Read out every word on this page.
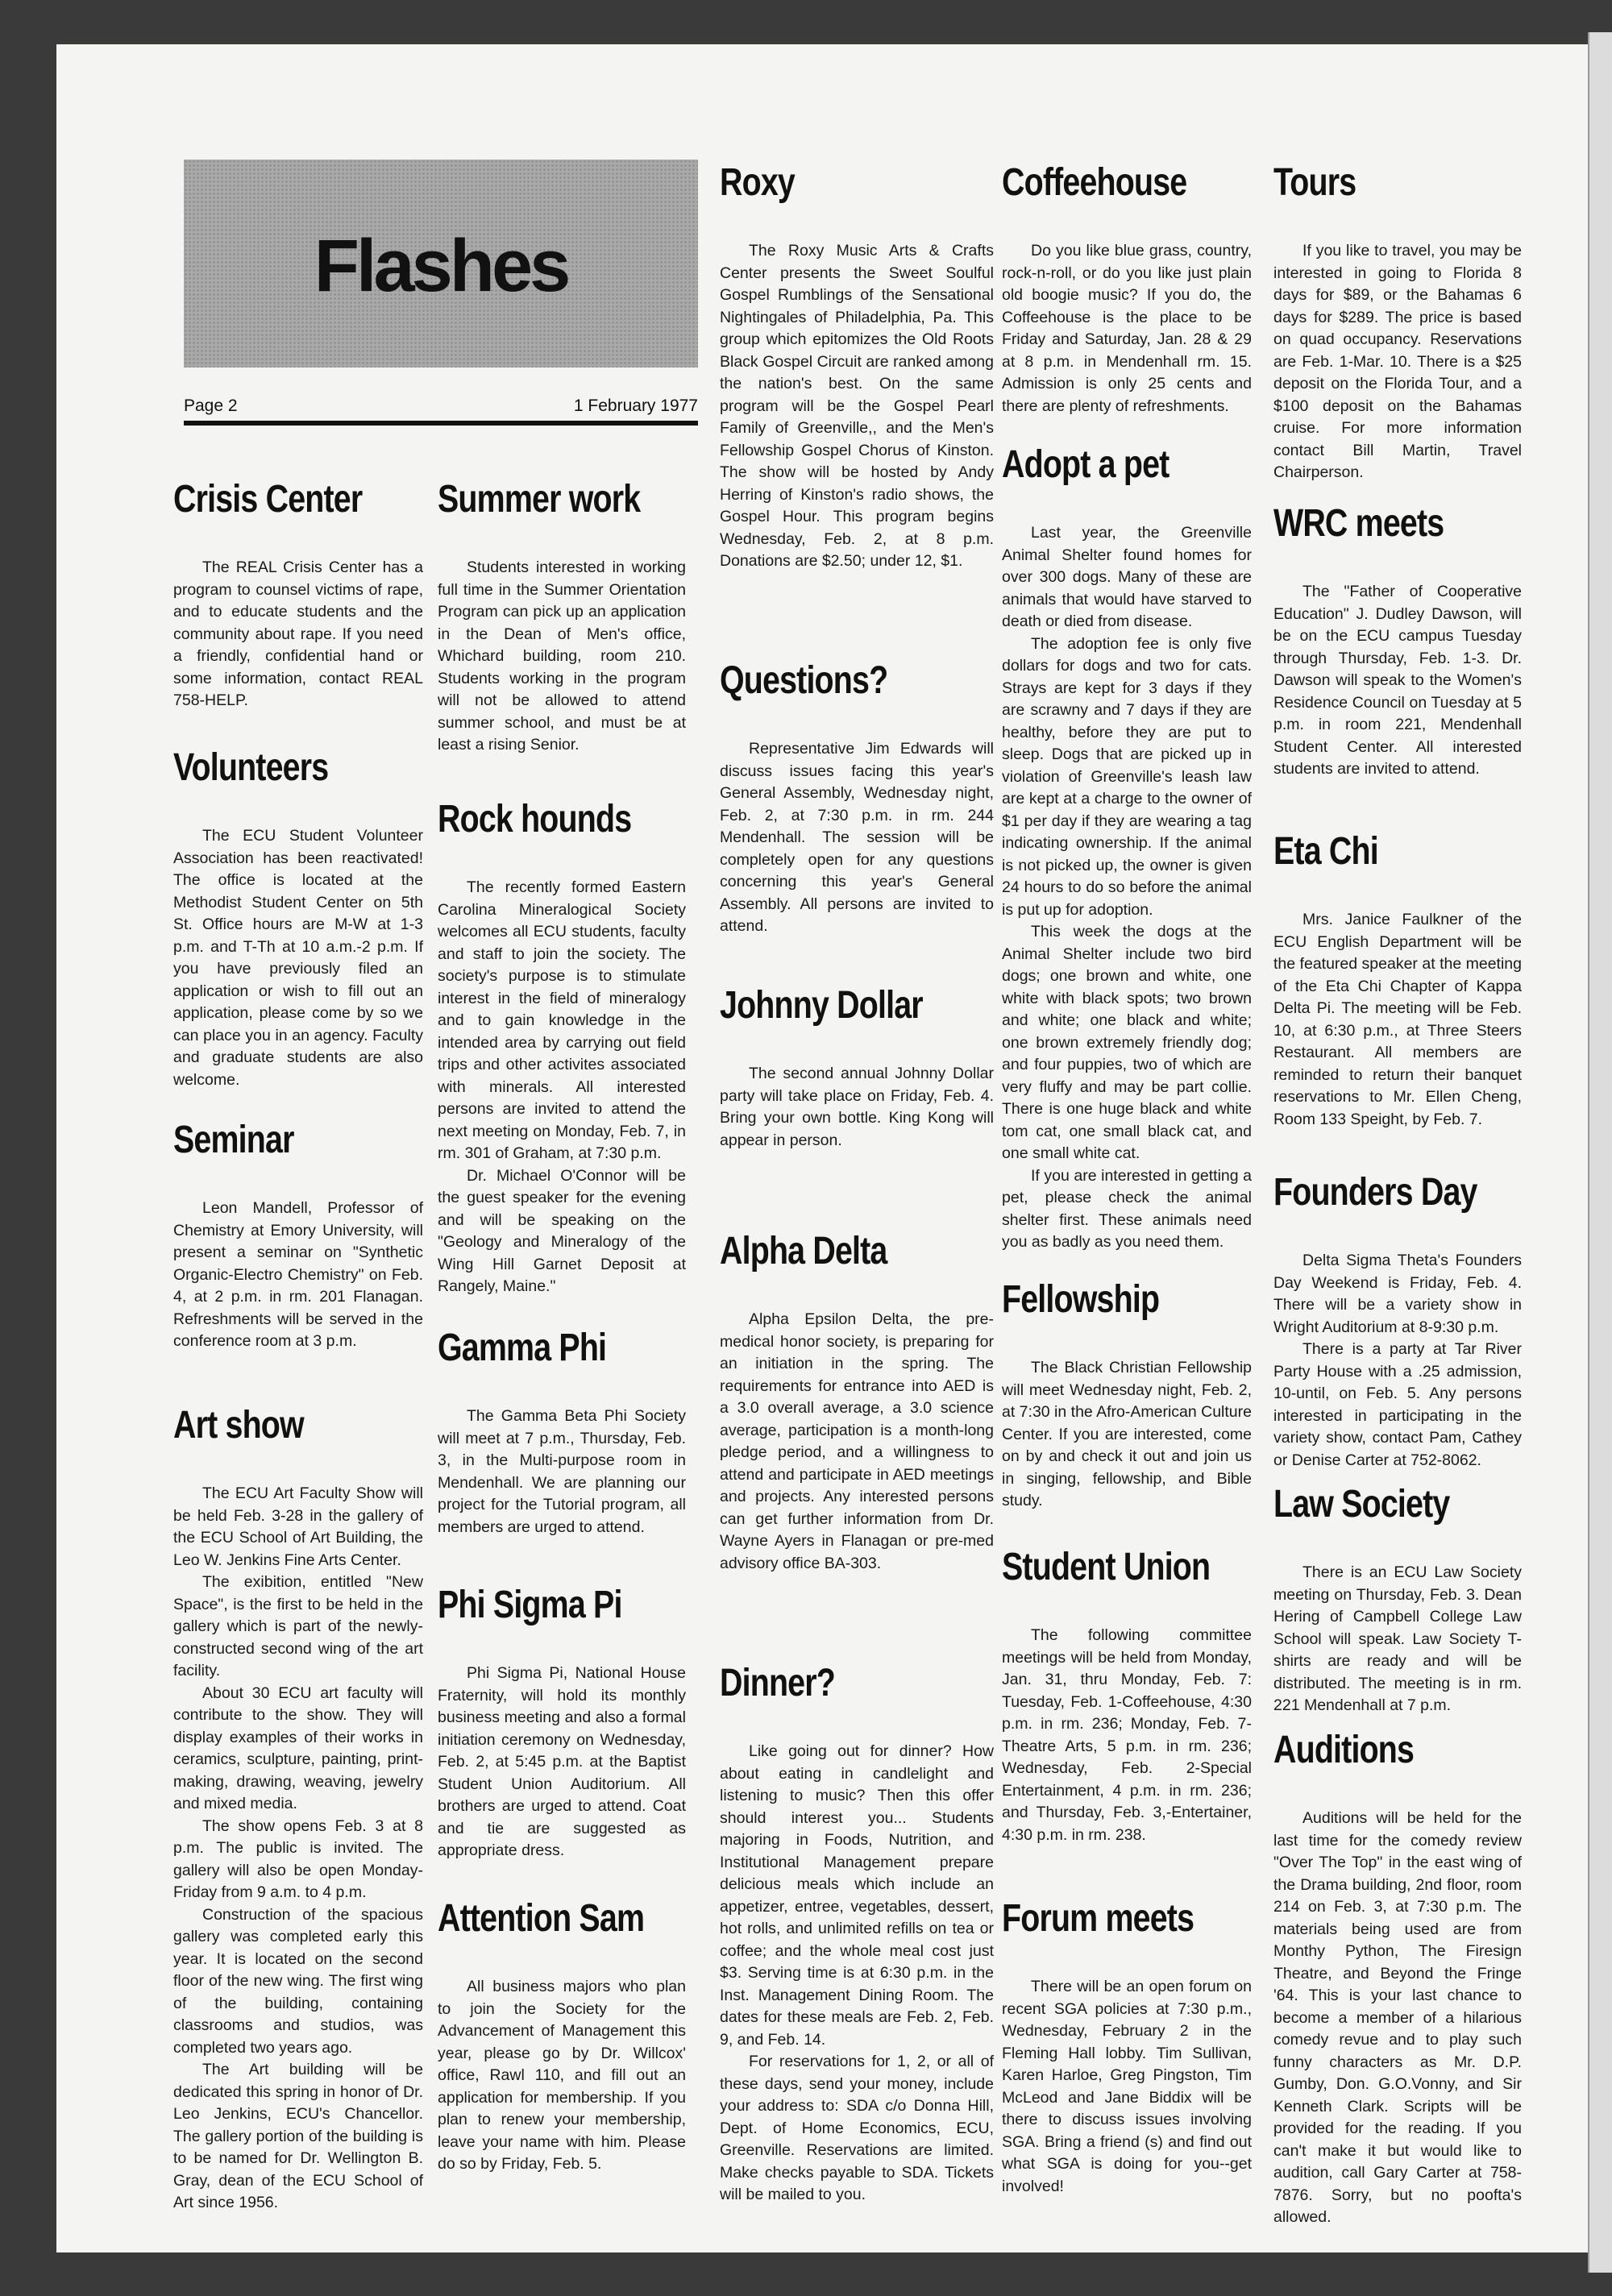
Flashes
Page 2	1 February 1977
Crisis Center

The REAL Crisis Center has a program to counsel victims of rape, and to educate students and the community about rape. If you need a friendly, confidential hand or some information, contact REAL 758-HELP.

Volunteers

The ECU Student Volunteer Association has been reactivated! The office is located at the Methodist Student Center on 5th St. Office hours are M-W at 1-3 p.m. and T-Th at 10 a.m.-2 p.m. If you have previously filed an application or wish to fill out an application, please come by so we can place you in an agency. Faculty and graduate students are also welcome.

Seminar

Leon Mandell, Professor of Chemistry at Emory University, will present a seminar on "Synthetic Organic-Electro Chemistry" on Feb. 4, at 2 p.m. in rm. 201 Flanagan. Refreshments will be served in the conference room at 3 p.m.

Art show

The ECU Art Faculty Show will be held Feb. 3-28 in the gallery of the ECU School of Art Building, the Leo W. Jenkins Fine Arts Center.

The exibition, entitled "New Space", is the first to be held in the gallery which is part of the newly-constructed second wing of the art facility.

About 30 ECU art faculty will contribute to the show. They will display examples of their works in ceramics, sculpture, painting, print-making, drawing, weaving, jewelry and mixed media.

The show opens Feb. 3 at 8 p.m. The public is invited. The gallery will also be open Monday-Friday from 9 a.m. to 4 p.m.

Construction of the spacious gallery was completed early this year. It is located on the second floor of the new wing. The first wing of the building, containing classrooms and studios, was completed two years ago.

The Art building will be dedicated this spring in honor of Dr. Leo Jenkins, ECU's Chancellor. The gallery portion of the building is to be named for Dr. Wellington B. Gray, dean of the ECU School of Art since 1956.

Summer work

Students interested in working full time in the Summer Orientation Program can pick up an application in the Dean of Men's office, Whichard building, room 210. Students working in the program will not be allowed to attend summer school, and must be at least a rising Senior.

Rock hounds

The recently formed Eastern Carolina Mineralogical Society welcomes all ECU students, faculty and staff to join the society. The society's purpose is to stimulate interest in the field of mineralogy and to gain knowledge in the intended area by carrying out field trips and other activites associated with minerals. All interested persons are invited to attend the next meeting on Monday, Feb. 7, in rm. 301 of Graham, at 7:30 p.m.

Dr. Michael O'Connor will be the guest speaker for the evening and will be speaking on the "Geology and Mineralogy of the Wing Hill Garnet Deposit at Rangely, Maine."

Gamma Phi

The Gamma Beta Phi Society will meet at 7 p.m., Thursday, Feb. 3, in the Multi-purpose room in Mendenhall. We are planning our project for the Tutorial program, all members are urged to attend.

Phi Sigma Pi

Phi Sigma Pi, National House Fraternity, will hold its monthly business meeting and also a formal initiation ceremony on Wednesday, Feb. 2, at 5:45 p.m. at the Baptist Student Union Auditorium. All brothers are urged to attend. Coat and tie are suggested as appropriate dress.

Attention Sam

All business majors who plan to join the Society for the Advancement of Management this year, please go by Dr. Willcox' office, Rawl 110, and fill out an application for membership. If you plan to renew your membership, leave your name with him. Please do so by Friday, Feb. 5.

Roxy

The Roxy Music Arts & Crafts Center presents the Sweet Soulful Gospel Rumblings of the Sensational Nightingales of Philadelphia, Pa. This group which epitomizes the Old Roots Black Gospel Circuit are ranked among the nation's best. On the same program will be the Gospel Pearl Family of Greenville,, and the Men's Fellowship Gospel Chorus of Kinston. The show will be hosted by Andy Herring of Kinston's radio shows, the Gospel Hour. This program begins Wednesday, Feb. 2, at 8 p.m. Donations are $2.50; under 12, $1.

Questions?

Representative Jim Edwards will discuss issues facing this year's General Assembly, Wednesday night, Feb. 2, at 7:30 p.m. in rm. 244 Mendenhall. The session will be completely open for any questions concerning this year's General Assembly. All persons are invited to attend.

Johnny Dollar

The second annual Johnny Dollar party will take place on Friday, Feb. 4. Bring your own bottle. King Kong will appear in person.

Alpha Delta

Alpha Epsilon Delta, the pre-medical honor society, is preparing for an initiation in the spring. The requirements for entrance into AED is a 3.0 overall average, a 3.0 science average, participation is a month-long pledge period, and a willingness to attend and participate in AED meetings and projects. Any interested persons can get further information from Dr. Wayne Ayers in Flanagan or pre-med advisory office BA-303.

Dinner?

Like going out for dinner? How about eating in candlelight and listening to music? Then this offer should interest you... Students majoring in Foods, Nutrition, and Institutional Management prepare delicious meals which include an appetizer, entree, vegetables, dessert, hot rolls, and unlimited refills on tea or coffee; and the whole meal cost just $3. Serving time is at 6:30 p.m. in the Inst. Management Dining Room. The dates for these meals are Feb. 2, Feb. 9, and Feb. 14.

For reservations for 1, 2, or all of these days, send your money, include your address to: SDA c/o Donna Hill, Dept. of Home Economics, ECU, Greenville. Reservations are limited. Make checks payable to SDA. Tickets will be mailed to you.

Coffeehouse

Do you like blue grass, country, rock-n-roll, or do you like just plain old boogie music? If you do, the Coffeehouse is the place to be Friday and Saturday, Jan. 28 & 29 at 8 p.m. in Mendenhall rm. 15. Admission is only 25 cents and there are plenty of refreshments.

Adopt a pet

Last year, the Greenville Animal Shelter found homes for over 300 dogs. Many of these are animals that would have starved to death or died from disease.

The adoption fee is only five dollars for dogs and two for cats. Strays are kept for 3 days if they are scrawny and 7 days if they are healthy, before they are put to sleep. Dogs that are picked up in violation of Greenville's leash law are kept at a charge to the owner of $1 per day if they are wearing a tag indicating ownership. If the animal is not picked up, the owner is given 24 hours to do so before the animal is put up for adoption.

This week the dogs at the Animal Shelter include two bird dogs; one brown and white, one white with black spots; two brown and white; one black and white; one brown extremely friendly dog; and four puppies, two of which are very fluffy and may be part collie. There is one huge black and white tom cat, one small black cat, and one small white cat.

If you are interested in getting a pet, please check the animal shelter first. These animals need you as badly as you need them.

Fellowship

The Black Christian Fellowship will meet Wednesday night, Feb. 2, at 7:30 in the Afro-American Culture Center. If you are interested, come on by and check it out and join us in singing, fellowship, and Bible study.

Student Union

The following committee meetings will be held from Monday, Jan. 31, thru Monday, Feb. 7: Tuesday, Feb. 1-Coffeehouse, 4:30 p.m. in rm. 236; Monday, Feb. 7-Theatre Arts, 5 p.m. in rm. 236; Wednesday, Feb. 2-Special Entertainment, 4 p.m. in rm. 236; and Thursday, Feb. 3,-Entertainer, 4:30 p.m. in rm. 238.

Forum meets

There will be an open forum on recent SGA policies at 7:30 p.m., Wednesday, February 2 in the Fleming Hall lobby. Tim Sullivan, Karen Harloe, Greg Pingston, Tim McLeod and Jane Biddix will be there to discuss issues involving SGA. Bring a friend (s) and find out what SGA is doing for you--get involved!

Tours

If you like to travel, you may be interested in going to Florida 8 days for $89, or the Bahamas 6 days for $289. The price is based on quad occupancy. Reservations are Feb. 1-Mar. 10. There is a $25 deposit on the Florida Tour, and a $100 deposit on the Bahamas cruise. For more information contact Bill Martin, Travel Chairperson.

WRC meets

The "Father of Cooperative Education" J. Dudley Dawson, will be on the ECU campus Tuesday through Thursday, Feb. 1-3. Dr. Dawson will speak to the Women's Residence Council on Tuesday at 5 p.m. in room 221, Mendenhall Student Center. All interested students are invited to attend.

Eta Chi

Mrs. Janice Faulkner of the ECU English Department will be the featured speaker at the meeting of the Eta Chi Chapter of Kappa Delta Pi. The meeting will be Feb. 10, at 6:30 p.m., at Three Steers Restaurant. All members are reminded to return their banquet reservations to Mr. Ellen Cheng, Room 133 Speight, by Feb. 7.

Founders Day

Delta Sigma Theta's Founders Day Weekend is Friday, Feb. 4. There will be a variety show in Wright Auditorium at 8-9:30 p.m.

There is a party at Tar River Party House with a .25 admission, 10-until, on Feb. 5. Any persons interested in participating in the variety show, contact Pam, Cathey or Denise Carter at 752-8062.

Law Society

There is an ECU Law Society meeting on Thursday, Feb. 3. Dean Hering of Campbell College Law School will speak. Law Society T-shirts are ready and will be distributed. The meeting is in rm. 221 Mendenhall at 7 p.m.

Auditions

Auditions will be held for the last time for the comedy review "Over The Top" in the east wing of the Drama building, 2nd floor, room 214 on Feb. 3, at 7:30 p.m. The materials being used are from Monthy Python, The Firesign Theatre, and Beyond the Fringe '64. This is your last chance to become a member of a hilarious comedy revue and to play such funny characters as Mr. D.P. Gumby, Don. G.O.Vonny, and Sir Kenneth Clark. Scripts will be provided for the reading. If you can't make it but would like to audition, call Gary Carter at 758-7876. Sorry, but no poofta's allowed.
